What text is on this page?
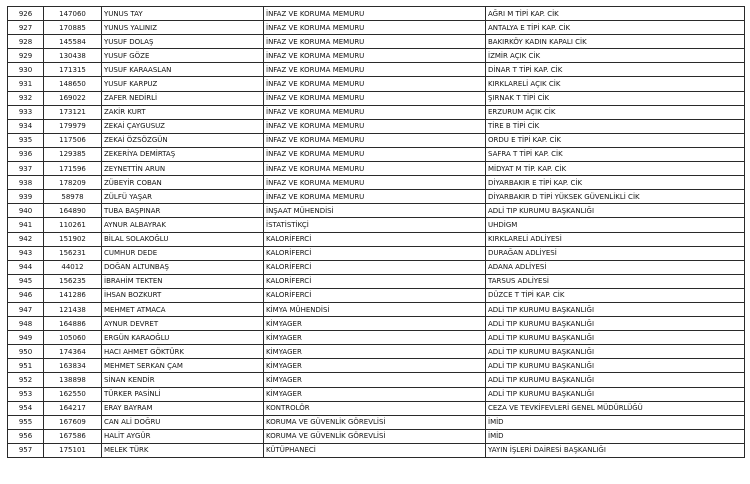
926	147060	YUNUS TAY	İNFAZ VE KORUMA MEMURU	AĞRI M TİPİ KAP. CİK
927	170885	YUNUS YALINIZ	İNFAZ VE KORUMA MEMURU	ANTALYA E TİPİ KAP. CİK
928	145584	YUSUF DOLAŞ	İNFAZ VE KORUMA MEMURU	BAKIRKÖY KADIN KAPALI CİK
929	130438	YUSUF GÖZE	İNFAZ VE KORUMA MEMURU	İZMİR AÇIK CİK
930	171315	YUSUF KARAASLAN	İNFAZ VE KORUMA MEMURU	DİNAR T TİPİ KAP. CİK
931	148650	YUSUF KARPUZ	İNFAZ VE KORUMA MEMURU	KIRKLARELİ AÇIK CİK
932	169022	ZAFER NEDİRLİ	İNFAZ VE KORUMA MEMURU	ŞIRNAK T TİPİ CİK
933	173121	ZAKİR KURT	İNFAZ VE KORUMA MEMURU	ERZURUM AÇIK CİK
934	179979	ZEKAİ ÇAYGUSUZ	İNFAZ VE KORUMA MEMURU	TİRE B TİPİ CİK
935	117506	ZEKAİ ÖZSÖZGÜN	İNFAZ VE KORUMA MEMURU	ORDU E TİPİ KAP. CİK
936	129385	ZEKERİYA DEMİRTAŞ	İNFAZ VE KORUMA MEMURU	SAFRA T TİPİ KAP. CİK
937	171596	ZEYNETTİN ARUN	İNFAZ VE KORUMA MEMURU	MİDYAT M TİP. KAP. CİK
938	178209	ZÜBEYİR COBAN	İNFAZ VE KORUMA MEMURU	DİYARBAKIR E TİPİ KAP. CİK
939	58978	ZÜLFÜ YAŞAR	İNFAZ VE KORUMA MEMURU	DİYARBAKIR D TİPİ YÜKSEK GÜVENLİKLİ CİK
940	164890	TUBA BAŞPINAR	İNŞAAT MÜHENDİSİ	ADLİ TIP KURUMU BAŞKANLIĞI
941	110261	AYNUR ALBAYRAK	İSTATİSTİKÇİ	UHDİGM
942	151902	BİLAL SOLAKOĞLU	KALORİFERCİ	KIRKLARELİ ADLİYESİ
943	156231	CUMHUR DEDE	KALORİFERCİ	DURAĞAN ADLİYESİ
944	44012	DOĞAN ALTUNBAŞ	KALORİFERCİ	ADANA ADLİYESİ
945	156235	İBRAHİM TEKTEN	KALORİFERCİ	TARSUS ADLİYESİ
946	141286	İHSAN BOZKURT	KALORİFERCİ	DÜZCE T TİPİ KAP. CİK
947	121438	MEHMET ATMACA	KİMYA MÜHENDİSİ	ADLİ TIP KURUMU BAŞKANLIĞI
948	164886	AYNUR DEVRET	KİMYAGER	ADLİ TIP KURUMU BAŞKANLIĞI
949	105060	ERGÜN KARAOĞLU	KİMYAGER	ADLİ TIP KURUMU BAŞKANLIĞI
950	174364	HACI AHMET GÖKTÜRK	KİMYAGER	ADLİ TIP KURUMU BAŞKANLIĞI
951	163834	MEHMET SERKAN ÇAM	KİMYAGER	ADLİ TIP KURUMU BAŞKANLIĞI
952	138898	SİNAN KENDİR	KİMYAGER	ADLİ TIP KURUMU BAŞKANLIĞI
953	162550	TÜRKER PASİNLİ	KİMYAGER	ADLİ TIP KURUMU BAŞKANLIĞI
954	164217	ERAY BAYRAM	KONTROLÖR	CEZA VE TEVKİFEVLERİ GENEL MÜDÜRLÜĞÜ
955	167609	CAN ALİ DOĞRU	KORUMA VE GÜVENLİK GÖREVLİSİ	İMİD
956	167586	HALİT AYGÜR	KORUMA VE GÜVENLİK GÖREVLİSİ	İMİD
957	175101	MELEK TÜRK	KÜTÜPHANECİ	YAYIN İŞLERİ DAİRESİ BAŞKANLIĞI
